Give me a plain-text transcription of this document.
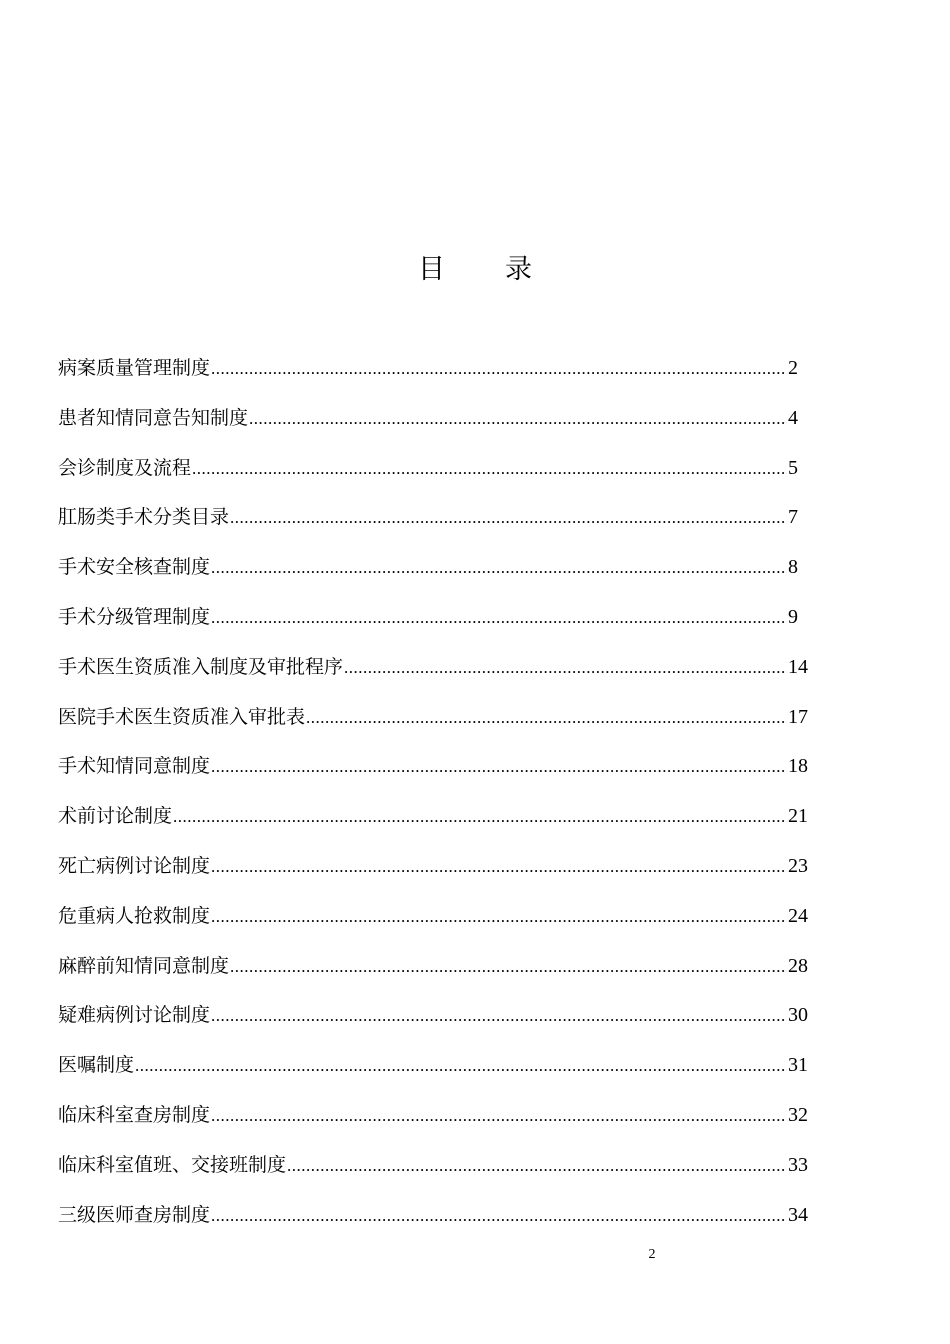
目 录
病案质量管理制度 .....	2
患者知情同意告知制度 .....	4
会诊制度及流程 .....	5
肛肠类手术分类目录 .....	7
手术安全核查制度 .....	8
手术分级管理制度 .....	9
手术医生资质准入制度及审批程序 .....	14
医院手术医生资质准入审批表 .....	17
手术知情同意制度 .....	18
术前讨论制度 .....	21
死亡病例讨论制度 .....	23
危重病人抢救制度 .....	24
麻醉前知情同意制度 .....	28
疑难病例讨论制度 .....	30
医嘱制度 .....	31
临床科室查房制度 .....	32
临床科室值班、交接班制度 .....	33
三级医师查房制度 .....	34
2
